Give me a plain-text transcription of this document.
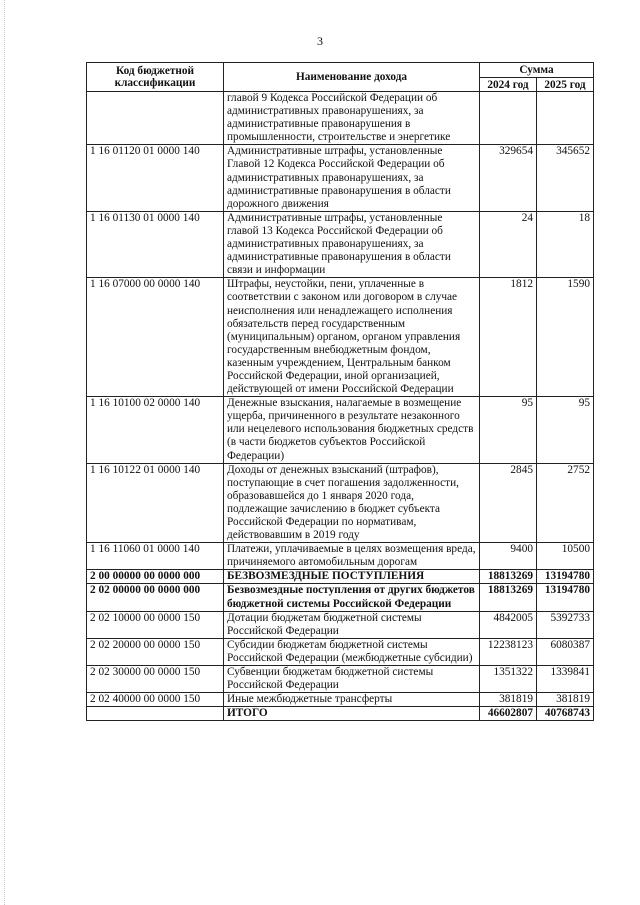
3
Код бюджетной классификации	Наименование дохода	Сумма	
		2024 год	2025 год
	главой 9 Кодекса Российской Федерации об административных правонарушениях, за административные правонарушения в промышленности, строительстве и энергетике		
1 16 01120 01 0000 140	Административные штрафы, установленные Главой 12 Кодекса Российской Федерации об административных правонарушениях, за административные правонарушения в области дорожного движения	329654	345652
1 16 01130 01 0000 140	Административные штрафы, установленные главой 13 Кодекса Российской Федерации об административных правонарушениях, за административные правонарушения в области связи и информации	24	18
1 16 07000 00 0000 140	Штрафы, неустойки, пени, уплаченные в соответствии с законом или договором в случае неисполнения или ненадлежащего исполнения обязательств перед государственным (муниципальным) органом, органом управления государственным внебюджетным фондом, казенным учреждением, Центральным банком Российской Федерации, иной организацией, действующей от имени Российской Федерации	1812	1590
1 16 10100 02 0000 140	Денежные взыскания, налагаемые в возмещение ущерба, причиненного в результате незаконного или нецелевого использования бюджетных средств (в части бюджетов субъектов Российской Федерации)	95	95
1 16 10122 01 0000 140	Доходы от денежных взысканий (штрафов), поступающие в счет погашения задолженности, образовавшейся до 1 января 2020 года, подлежащие зачислению в бюджет субъекта Российской Федерации по нормативам, действовавшим в 2019 году	2845	2752
1 16 11060 01 0000 140	Платежи, уплачиваемые в целях возмещения вреда, причиняемого автомобильным дорогам	9400	10500
2 00 00000 00 0000 000	БЕЗВОЗМЕЗДНЫЕ ПОСТУПЛЕНИЯ	18813269	13194780
2 02 00000 00 0000 000	Безвозмездные поступления от других бюджетов бюджетной системы Российской Федерации	18813269	13194780
2 02 10000 00 0000 150	Дотации бюджетам бюджетной системы Российской Федерации	4842005	5392733
2 02 20000 00 0000 150	Субсидии бюджетам бюджетной системы Российской Федерации (межбюджетные субсидии)	12238123	6080387
2 02 30000 00 0000 150	Субвенции бюджетам бюджетной системы Российской Федерации	1351322	1339841
2 02 40000 00 0000 150	Иные межбюджетные трансферты	381819	381819
	ИТОГО	46602807	40768743
